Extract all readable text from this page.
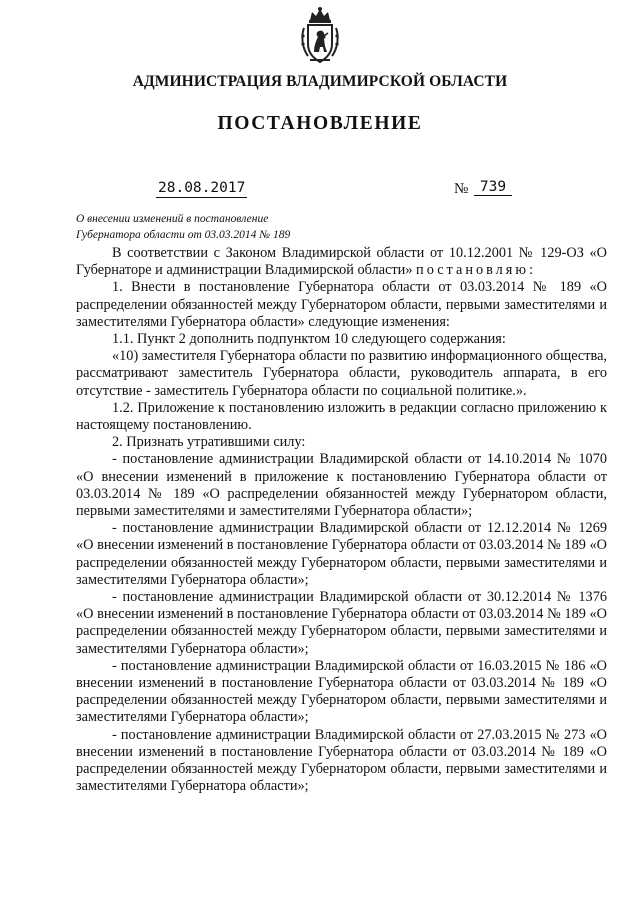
АДМИНИСТРАЦИЯ ВЛАДИМИРСКОЙ ОБЛАСТИ
ПОСТАНОВЛЕНИЕ
28.08.2017	№ 739
О внесении изменений в постановление
Губернатора области от 03.03.2014 № 189

В соответствии с Законом Владимирской области от 10.12.2001 № 129-ОЗ «О Губернаторе и администрации Владимирской области» постановляю:

1. Внести в постановление Губернатора области от 03.03.2014 № 189 «О распределении обязанностей между Губернатором области, первыми заместителями и заместителями Губернатора области» следующие изменения:

1.1. Пункт 2 дополнить подпунктом 10 следующего содержания:

«10) заместителя Губернатора области по развитию информационного общества, рассматривают заместитель Губернатора области, руководитель аппарата, в его отсутствие - заместитель Губернатора области по социальной политике.».

1.2. Приложение к постановлению изложить в редакции согласно приложению к настоящему постановлению.

2. Признать утратившими силу:

- постановление администрации Владимирской области от 14.10.2014 № 1070 «О внесении изменений в приложение к постановлению Губернатора области от 03.03.2014 № 189 «О распределении обязанностей между Губернатором области, первыми заместителями и заместителями Губернатора области»;

- постановление администрации Владимирской области от 12.12.2014 № 1269 «О внесении изменений в постановление Губернатора области от 03.03.2014 № 189 «О распределении обязанностей между Губернатором области, первыми заместителями и заместителями Губернатора области»;

- постановление администрации Владимирской области от 30.12.2014 № 1376 «О внесении изменений в постановление Губернатора области от 03.03.2014 № 189 «О распределении обязанностей между Губернатором области, первыми заместителями и заместителями Губернатора области»;

- постановление администрации Владимирской области от 16.03.2015 № 186 «О внесении изменений в постановление Губернатора области от 03.03.2014 № 189 «О распределении обязанностей между Губернатором области, первыми заместителями и заместителями Губернатора области»;

- постановление администрации Владимирской области от 27.03.2015 № 273 «О внесении изменений в постановление Губернатора области от 03.03.2014 № 189 «О распределении обязанностей между Губернатором области, первыми заместителями и заместителями Губернатора области»;
